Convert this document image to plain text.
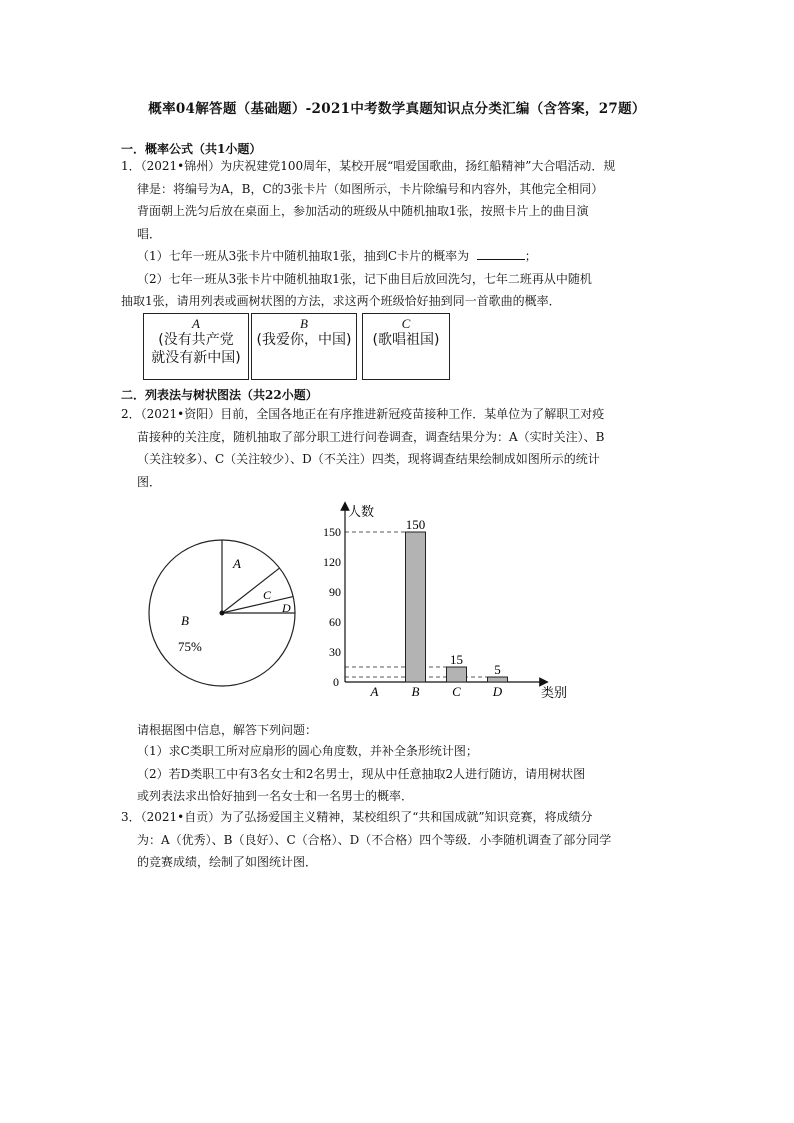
概率04解答题（基础题）-2021中考数学真题知识点分类汇编（含答案，27题）
一．概率公式（共1小题）
1．（2021•锦州）为庆祝建党100周年，某校开展“唱爱国歌曲，扬红船精神”大合唱活动．规
律是：将编号为A，B，C的3张卡片（如图所示，卡片除编号和内容外，其他完全相同）
背面朝上洗匀后放在桌面上，参加活动的班级从中随机抽取1张，按照卡片上的曲目演
唱．
（1）七年一班从3张卡片中随机抽取1张，抽到C卡片的概率为	；
（2）七年一班从3张卡片中随机抽取1张，记下曲目后放回洗匀，七年二班再从中随机
抽取1张，请用列表或画树状图的方法，求这两个班级恰好抽到同一首歌曲的概率．
A
(没有共产党
就没有新中国)
B
(我爱你，中国)
C
(歌唱祖国)
二．列表法与树状图法（共22小题）
2．（2021•资阳）目前，全国各地正在有序推进新冠疫苗接种工作．某单位为了解职工对疫
苗接种的关注度，随机抽取了部分职工进行问卷调查，调查结果分为：A（实时关注）、B
（关注较多）、C（关注较少）、D（不关注）四类，现将调查结果绘制成如图所示的统计
图．
A
B
75%
C
D
人数
类别
0
30
60
90
120
150	150
15
5
A	B	C D
请根据图中信息，解答下列问题：
（1）求C类职工所对应扇形的圆心角度数，并补全条形统计图；
（2）若D类职工中有3名女士和2名男士，现从中任意抽取2人进行随访，请用树状图
或列表法求出恰好抽到一名女士和一名男士的概率．
3．（2021•自贡）为了弘扬爱国主义精神，某校组织了“共和国成就”知识竞赛，将成绩分
为：A（优秀）、B（良好）、C（合格）、D（不合格）四个等级．小李随机调查了部分同学
的竞赛成绩，绘制了如图统计图．
